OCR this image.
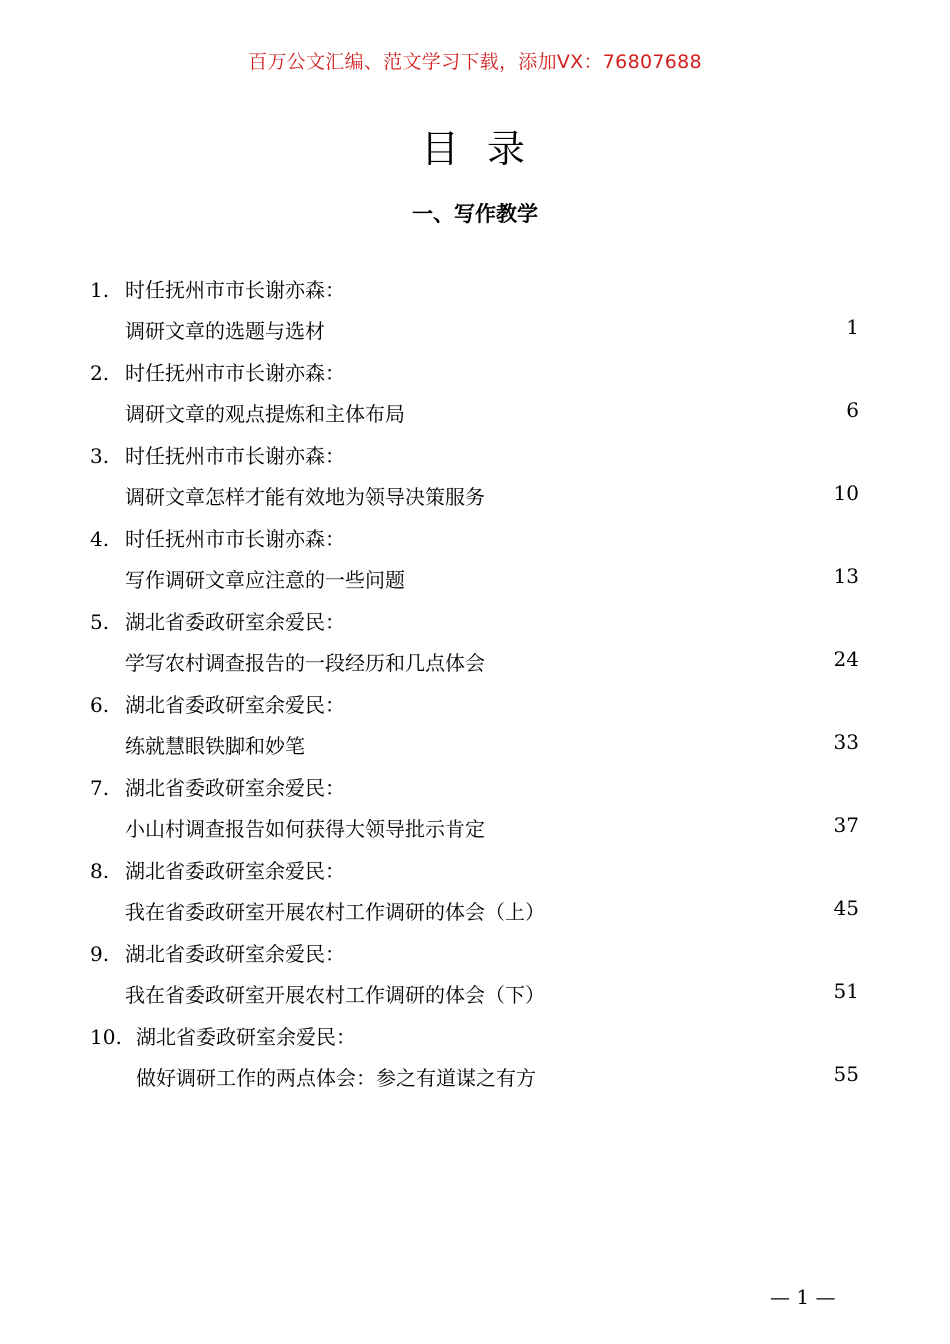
百万公文汇编、范文学习下载，添加VX：76807688
目录
一、写作教学
1. 时任抚州市市长谢亦森：
调研文章的选题与选材	1
2. 时任抚州市市长谢亦森：
调研文章的观点提炼和主体布局	6
3. 时任抚州市市长谢亦森：
调研文章怎样才能有效地为领导决策服务	10
4. 时任抚州市市长谢亦森：
写作调研文章应注意的一些问题	13
5. 湖北省委政研室余爱民：
学写农村调查报告的一段经历和几点体会	24
6. 湖北省委政研室余爱民：
练就慧眼铁脚和妙笔	33
7. 湖北省委政研室余爱民：
小山村调查报告如何获得大领导批示肯定	37
8. 湖北省委政研室余爱民：
我在省委政研室开展农村工作调研的体会（上）	45
9. 湖北省委政研室余爱民：
我在省委政研室开展农村工作调研的体会（下）	51
10. 湖北省委政研室余爱民：
做好调研工作的两点体会：参之有道谋之有方	55
— 1 —
